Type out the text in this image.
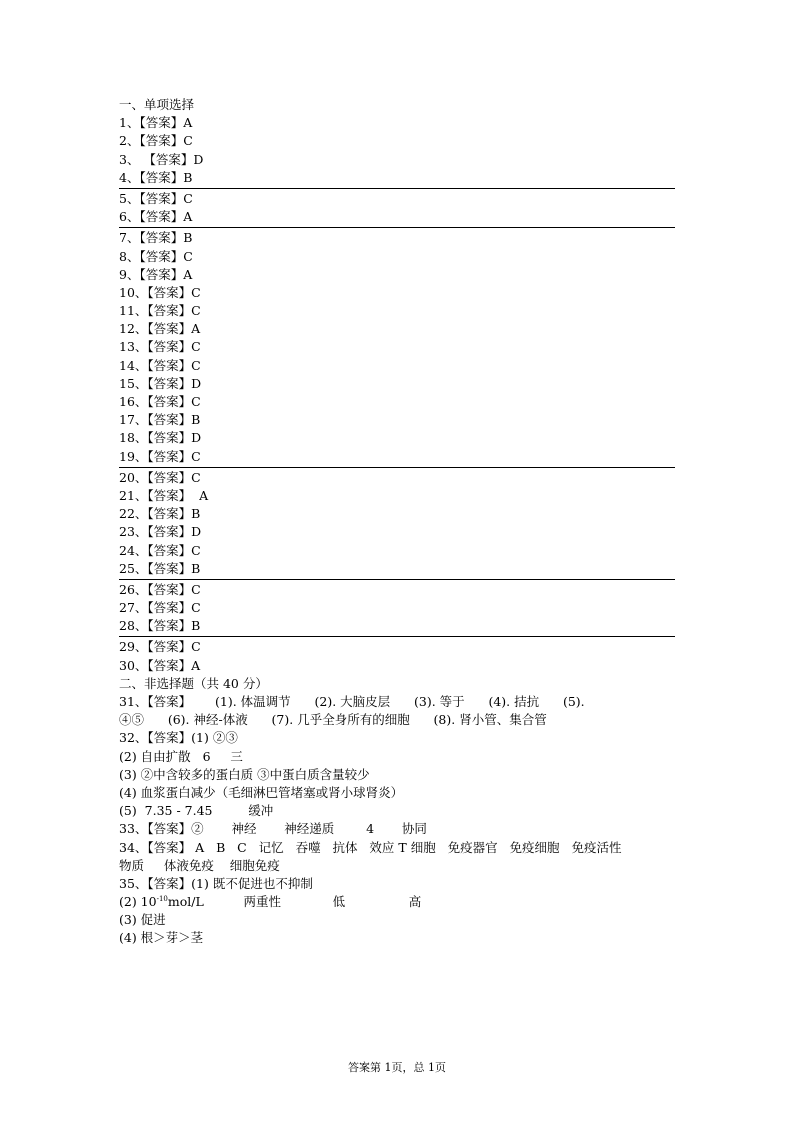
一、单项选择
1、【答案】A
2、【答案】C
3、 【答案】D
4、【答案】B
5、【答案】C
6、【答案】A
7、【答案】B
8、【答案】C
9、【答案】A
10、【答案】C
11、【答案】C
12、【答案】A
13、【答案】C
14、【答案】C
15、【答案】D
16、【答案】C
17、【答案】B
18、【答案】D
19、【答案】C
20、【答案】C
21、【答案】  A
22、【答案】B
23、【答案】D
24、【答案】C
25、【答案】B
26、【答案】C
27、【答案】C
28、【答案】B
29、【答案】C
30、【答案】A
二、非选择题（共 40 分）
31、【答案】      (1). 体温调节      (2). 大脑皮层      (3). 等于      (4). 拮抗      (5).
④⑤      (6). 神经-体液      (7). 几乎全身所有的细胞      (8). 肾小管、集合管
32、【答案】(1) ②③
(2) 自由扩散   6     三
(3) ②中含较多的蛋白质 ③中蛋白质含量较少
(4) 血浆蛋白减少（毛细淋巴管堵塞或肾小球肾炎）
(5)  7.35 - 7.45         缓冲
33、【答案】②       神经       神经递质        4       协同
34、【答案】 A   B   C   记忆   吞噬   抗体   效应 T 细胞   免疫器官   免疫细胞   免疫活性
物质     体液免疫    细胞免疫
35、【答案】(1) 既不促进也不抑制
(2) $10^{-10}mol/L$          两重性             低                高
(3) 促进
(4) 根＞芽＞茎
答案第 1页，总 1页
